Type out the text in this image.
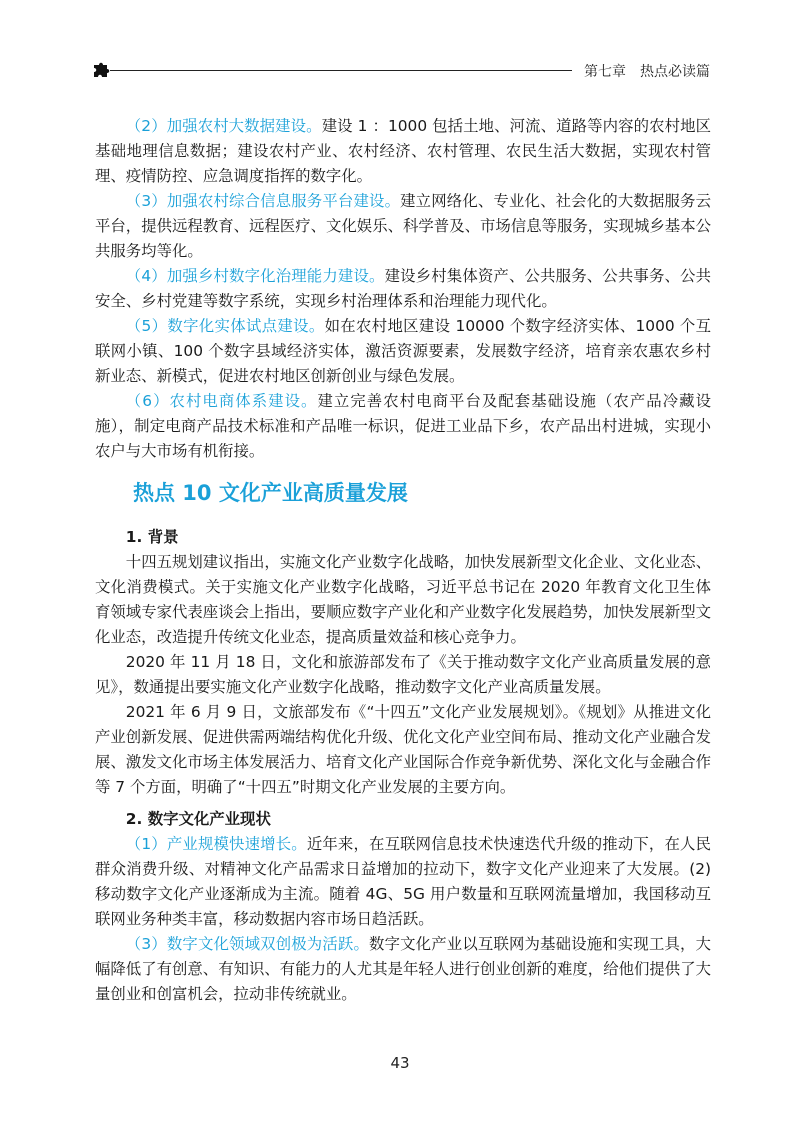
第七章　热点必读篇

（2）加强农村大数据建设。建设 1 ：1000 包括土地、河流、道路等内容的农村地区基础地理信息数据；建设农村产业、农村经济、农村管理、农民生活大数据，实现农村管理、疫情防控、应急调度指挥的数字化。

（3）加强农村综合信息服务平台建设。建立网络化、专业化、社会化的大数据服务云平台，提供远程教育、远程医疗、文化娱乐、科学普及、市场信息等服务，实现城乡基本公共服务均等化。

（4）加强乡村数字化治理能力建设。建设乡村集体资产、公共服务、公共事务、公共安全、乡村党建等数字系统，实现乡村治理体系和治理能力现代化。

（5）数字化实体试点建设。如在农村地区建设 10000 个数字经济实体、1000 个互联网小镇、100 个数字县域经济实体，激活资源要素，发展数字经济，培育亲农惠农乡村新业态、新模式，促进农村地区创新创业与绿色发展。

（6）农村电商体系建设。建立完善农村电商平台及配套基础设施（农产品冷藏设施），制定电商产品技术标准和产品唯一标识，促进工业品下乡，农产品出村进城，实现小农户与大市场有机衔接。

热点 10 文化产业高质量发展
1. 背景

十四五规划建议指出，实施文化产业数字化战略，加快发展新型文化企业、文化业态、文化消费模式。关于实施文化产业数字化战略，习近平总书记在 2020 年教育文化卫生体育领域专家代表座谈会上指出，要顺应数字产业化和产业数字化发展趋势，加快发展新型文化业态，改造提升传统文化业态，提高质量效益和核心竞争力。

2020 年 11 月 18 日，文化和旅游部发布了《关于推动数字文化产业高质量发展的意见》，数通提出要实施文化产业数字化战略，推动数字文化产业高质量发展。

2021 年 6 月 9 日，文旅部发布《“十四五”文化产业发展规划》。《规划》从推进文化产业创新发展、促进供需两端结构优化升级、优化文化产业空间布局、推动文化产业融合发展、激发文化市场主体发展活力、培育文化产业国际合作竞争新优势、深化文化与金融合作等 7 个方面，明确了“十四五”时期文化产业发展的主要方向。

2. 数字文化产业现状

（1）产业规模快速增长。近年来，在互联网信息技术快速迭代升级的推动下，在人民群众消费升级、对精神文化产品需求日益增加的拉动下，数字文化产业迎来了大发展。(2) 移动数字文化产业逐渐成为主流。随着 4G、5G 用户数量和互联网流量增加，我国移动互联网业务种类丰富，移动数据内容市场日趋活跃。

（3）数字文化领域双创极为活跃。数字文化产业以互联网为基础设施和实现工具，大幅降低了有创意、有知识、有能力的人尤其是年轻人进行创业创新的难度，给他们提供了大量创业和创富机会，拉动非传统就业。

43
